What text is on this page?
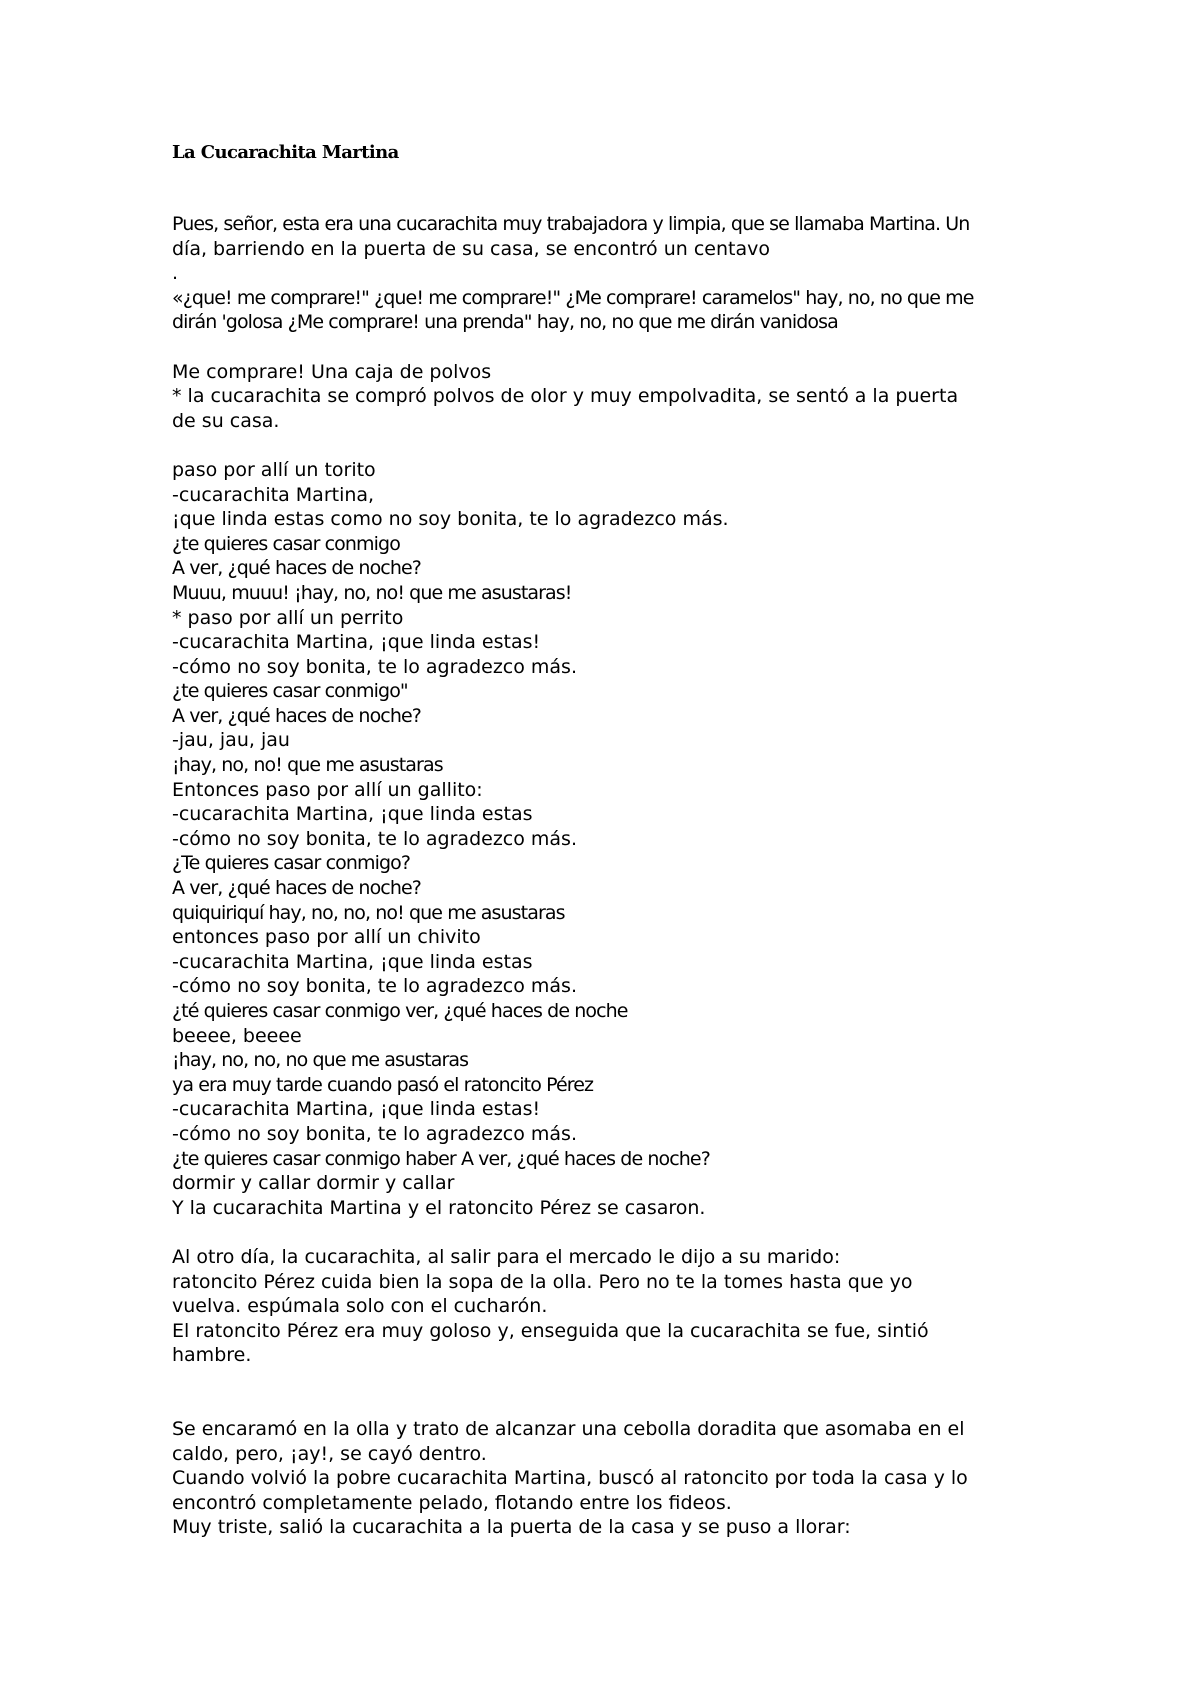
La Cucarachita Martina
Pues, señor, esta era una cucarachita muy trabajadora y limpia, que se llamaba Martina. Un
día, barriendo en la puerta de su casa, se encontró un centavo
.
«¿que! me comprare!" ¿que! me comprare!" ¿Me comprare! caramelos" hay, no, no que me
dirán 'golosa ¿Me comprare! una prenda" hay, no, no que me dirán vanidosa
Me comprare! Una caja de polvos
* la cucarachita se compró polvos de olor y muy empolvadita, se sentó a la puerta
de su casa.
paso por allí un torito
-cucarachita Martina,
¡que linda estas como no soy bonita, te lo agradezco más.
¿te quieres casar conmigo
A ver, ¿qué haces de noche?
Muuu, muuu! ¡hay, no, no! que me asustaras!
* paso por allí un perrito
-cucarachita Martina, ¡que linda estas!
-cómo no soy bonita, te lo agradezco más.
¿te quieres casar conmigo"
A ver, ¿qué haces de noche?
-jau, jau, jau
¡hay, no, no! que me asustaras
Entonces paso por allí un gallito:
-cucarachita Martina, ¡que linda estas
-cómo no soy bonita, te lo agradezco más.
¿Te quieres casar conmigo?
A ver, ¿qué haces de noche?
quiquiriquí hay, no, no, no! que me asustaras
entonces paso por allí un chivito
-cucarachita Martina, ¡que linda estas
-cómo no soy bonita, te lo agradezco más.
¿té quieres casar conmigo ver, ¿qué haces de noche
beeee, beeee
¡hay, no, no, no que me asustaras
ya era muy tarde cuando pasó el ratoncito Pérez
-cucarachita Martina, ¡que linda estas!
-cómo no soy bonita, te lo agradezco más.
¿te quieres casar conmigo haber A ver, ¿qué haces de noche?
dormir y callar dormir y callar
Y la cucarachita Martina y el ratoncito Pérez se casaron.
Al otro día, la cucarachita, al salir para el mercado le dijo a su marido:
ratoncito Pérez cuida bien la sopa de la olla. Pero no te la tomes hasta que yo
vuelva. espúmala solo con el cucharón.
El ratoncito Pérez era muy goloso y, enseguida que la cucarachita se fue, sintió
hambre.
Se encaramó en la olla y trato de alcanzar una cebolla doradita que asomaba en el
caldo, pero, ¡ay!, se cayó dentro.
Cuando volvió la pobre cucarachita Martina, buscó al ratoncito por toda la casa y lo
encontró completamente pelado, flotando entre los fideos.
Muy triste, salió la cucarachita a la puerta de la casa y se puso a llorar:
